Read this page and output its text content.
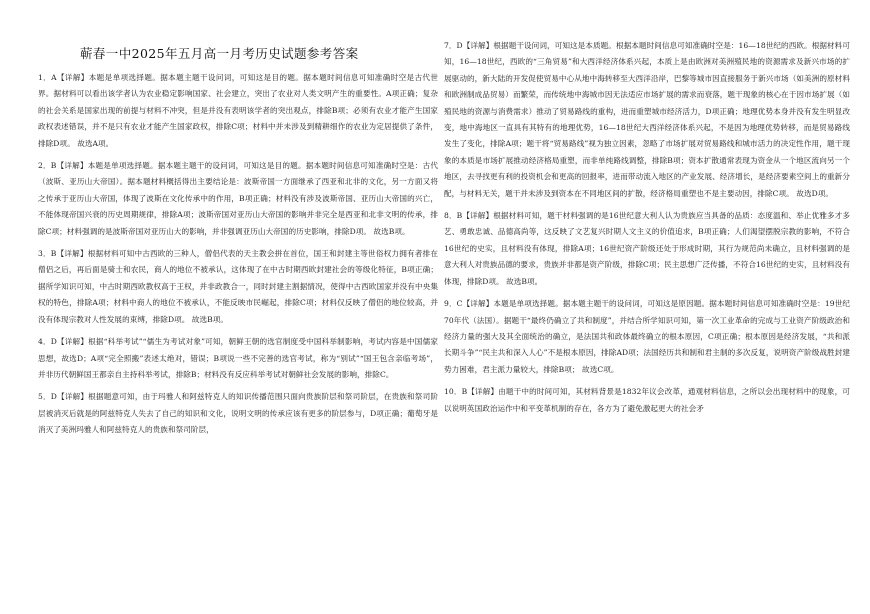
蕲春一中2025年五月高一月考历史试题参考答案

1．A【详解】本题是单项选择题。据本题主题干设问词，可知这是目的题。据本题时间信息可知准确时空是古代世界。据材料可以看出该学者认为农业稳定影响国家、社会建立，突出了农业对人类文明产生的重要性。A项正确；复杂的社会关系是国家出现的前提与材料不冲突，但是并没有表明该学者的突出观点，排除B项；必须有农业才能产生国家政权表述错误，并不是只有农业才能产生国家政权，排除C项；材料中并未涉及到精耕细作的农业为定居提供了条件，排除D项。 故选A项。

2．B【详解】本题是单项选择题。据本题主题干的设问词，可知这是目的题。据本题时间信息可知准确时空是：古代（波斯、亚历山大帝国）。据本题材料概括得出主要结论是：波斯帝国一方面继承了西亚和北非的文化，另一方面又将之传承于亚历山大帝国，体现了波斯在文化传承中的作用，B项正确；材料没有涉及波斯帝国、亚历山大帝国的兴亡，不能体现帝国兴衰的历史周期规律，排除A项；波斯帝国对亚历山大帝国的影响并非完全是西亚和北非文明的传承，排除C项；材料强调的是波斯帝国对亚历山大的影响，并非强调亚历山大帝国的历史影响，排除D项。 故选B项。

3．B【详解】根据材料可知中古西欧的三种人，僧侣代表的天主教会拼在首位，国王和封建主等世俗权力拥有者排在僧侣之后，再后面是骑士和农民，商人的地位不被承认，这体现了在中古时期西欧封建社会的等级化特征，B项正确；据所学知识可知，中古时期西欧教权高于王权，并非政教合一，同时封建主割据情况，使得中古西欧国家并没有中央集权的特色，排除A项；材料中商人的地位不被承认，不能反映市民崛起，排除C项；材料仅反映了僧侣的地位较高，并没有体现宗教对人性发展的束缚，排除D项。 故选B项。

4．D【详解】根据“科举考试”“儒生为考试对象”可知，朝鲜王朝的选官制度受中国科举制影响，考试内容是中国儒家思想，故选D；A项“完全照搬”表述太绝对，错误；B项说一些不完善的选官考试，称为“别试”“国王包含亲临考场”，并非历代朝鲜国王都亲自主持科举考试，排除B；材料没有反应科举考试对朝鲜社会发展的影响，排除C。

5．D【详解】根据题意可知，由于玛雅人和阿兹特克人的知识传播范围只面向贵族阶层和祭司阶层，在贵族和祭司阶层被消灭后就是的阿兹特克人失去了自己的知识和文化，说明文明的传承应该有更多的阶层参与，D项正确；葡萄牙是消灭了美洲玛雅人和阿兹特克人的贵族和祭司阶层，

7．D【详解】根据题干设问词，可知这是本质题。根据本题时间信息可知准确时空是：16—18世纪的西欧。根据材料可知，16—18世纪，西欧的“三角贸易”和大西洋经济体系兴起，本质上是由欧洲对美洲殖民地的资源需求及新兴市场的扩展驱动的，新大陆的开发促使贸易中心从地中海转移至大西洋沿岸，巴黎等城市因直接服务于新兴市场（如美洲的原材料和欧洲制成品贸易）而繁荣，而传统地中海城市因无法适应市场扩展的需求而衰落，题干现象的核心在于因市场扩展（如殖民地的资源与消费需求）推动了贸易路线的重构，进而重塑城市经济活力，D项正确；地理优势本身并没有发生明显改变，地中海地区一直具有其特有的地理优势，16—18世纪大西洋经济体系兴起，不是因为地理优势转移，而是贸易路线发生了变化，排除A项；题干将“贸易路线”视为独立因素，忽略了市场扩展对贸易路线和城市活力的决定性作用，题干现象的本质是市场扩展推动经济格局重塑，而非单纯路线调整，排除B项；资本扩散通常表现为资金从一个地区流向另一个地区，去寻找更有利的投资机会和更高的回报率，进而带动流入地区的产业发展、经济增长，是经济要素空间上的重新分配，与材料无关，题干并未涉及到资本在不同地区间的扩散，经济格局重塑也不是主要动因，排除C项。 故选D项。

8．B【详解】根据材料可知，题干材料强调的是16世纪意大利人认为贵族应当具备的品质：态度温和、举止优雅多才多艺、勇敢忠诚、品德高尚等，这反映了文艺复兴时期人文主义的价值追求，B项正确；人们渴望摆脱宗教的影响，不符合16世纪的史实，且材料没有体现，排除A项；16世纪资产阶级还处于形成时期，其行为规范尚未确立，且材料强调的是意大利人对贵族品德的要求，贵族并非都是资产阶级，排除C项；民主思想广泛传播，不符合16世纪的史实，且材料没有体现，排除D项。 故选B项。

9．C【详解】本题是单项选择题。据本题主题干的设问词，可知这是原因题。据本题时间信息可知准确时空是：19世纪70年代（法国）。据题干“最终仍确立了共和制度”，并结合所学知识可知，第一次工业革命的完成与工业资产阶级政治和经济力量的强大及其全面统治的确立，是法国共和政体最终确立的根本原因，C项正确；根本原因是经济发展，“共和派长期斗争”“民主共和深入人心”不是根本原因，排除AD项；法国经历共和制和君主制的多次反复，说明资产阶级战胜封建势力困难，君主派力量较大，排除B项； 故选C项。

10．B【详解】由题干中的时间可知，其材料背景是1832年议会改革，通观材料信息，之所以会出现材料中的现象，可以说明英国政治运作中和平变革机制的存在，各方为了避免激起更大的社会矛
